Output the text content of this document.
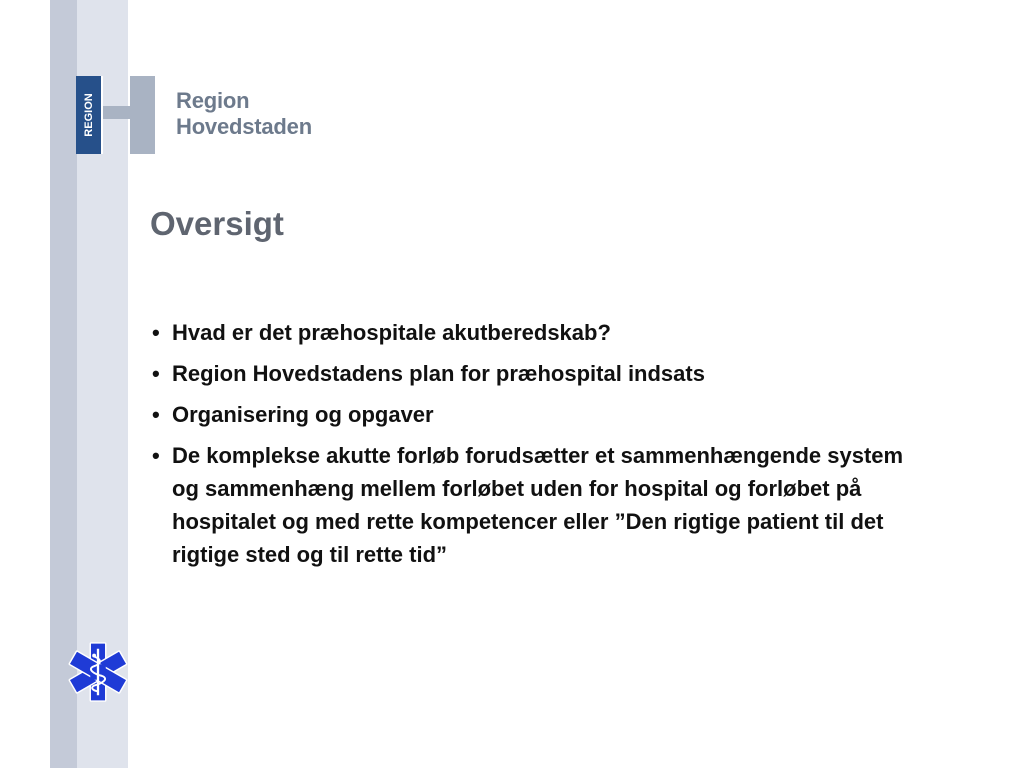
REGION	Region
Hovedstaden
Oversigt
• Hvad er det præhospitale akutberedskab?
• Region Hovedstadens plan for præhospital indsats
• Organisering og opgaver
• De komplekse akutte forløb forudsætter et sammenhængende system og sammenhæng mellem forløbet uden for hospital og forløbet på hospitalet og med rette kompetencer eller ”Den rigtige patient til det rigtige sted og til rette tid”
